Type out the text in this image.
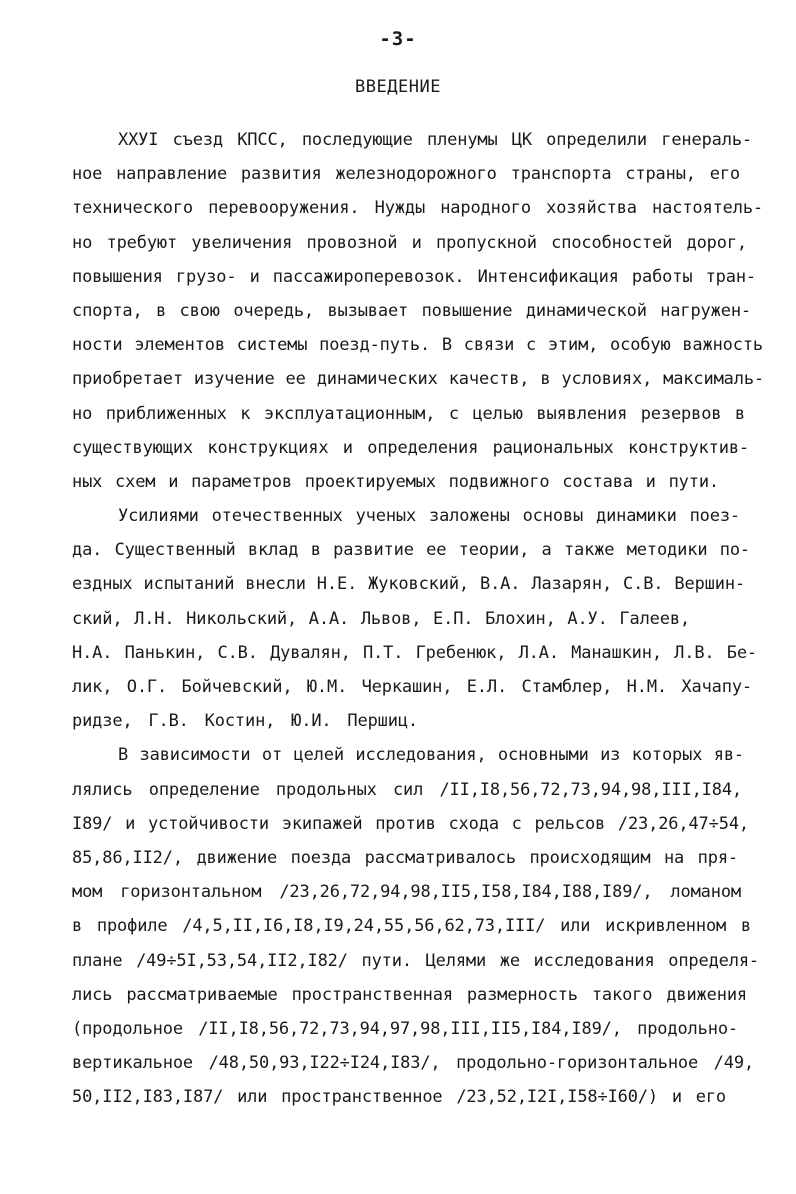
-3-
ВВЕДЕНИЕ
ХХУI съезд КПСС, последующие пленумы ЦК определили генераль-
ное направление развития железнодорожного транспорта страны, его
технического перевооружения. Нужды народного хозяйства настоятель-
но требуют увеличения провозной и пропускной способностей дорог,
повышения грузо- и пассажироперевозок. Интенсификация работы тран-
спорта, в свою очередь, вызывает повышение динамической нагружен-
ности элементов системы поезд-путь. В связи с этим, особую важность
приобретает изучение ее динамических качеств, в условиях, максималь-
но приближенных к эксплуатационным, с целью выявления резервов в
существующих конструкциях и определения рациональных конструктив-
ных схем и параметров проектируемых подвижного состава и пути.
Усилиями отечественных ученых заложены основы динамики поез-
да. Существенный вклад в развитие ее теории, а также методики по-
ездных испытаний внесли Н.Е. Жуковский, В.А. Лазарян, С.В. Вершин-
ский, Л.Н. Никольский, А.А. Львов, Е.П. Блохин, А.У. Галеев,
Н.А. Панькин, С.В. Дувалян, П.Т. Гребенюк, Л.А. Манашкин, Л.В. Бе-
лик, О.Г. Бойчевский, Ю.М. Черкашин, Е.Л. Стамблер, Н.М. Хачапу-
ридзе, Г.В. Костин, Ю.И. Першиц.
В зависимости от целей исследования, основными из которых яв-
лялись определение продольных сил /II,I8,56,72,73,94,98,III,I84,
I89/ и устойчивости экипажей против схода с рельсов /23,26,47÷54,
85,86,II2/, движение поезда рассматривалось происходящим на пря-
мом горизонтальном /23,26,72,94,98,II5,I58,I84,I88,I89/, ломаном
в профиле /4,5,II,I6,I8,I9,24,55,56,62,73,III/ или искривленном в
плане /49÷5I,53,54,II2,I82/ пути. Целями же исследования определя-
лись рассматриваемые пространственная размерность такого движения
(продольное /II,I8,56,72,73,94,97,98,III,II5,I84,I89/, продольно-
вертикальное /48,50,93,I22÷I24,I83/, продольно-горизонтальное /49,
50,II2,I83,I87/ или пространственное /23,52,I2I,I58÷I60/) и его
